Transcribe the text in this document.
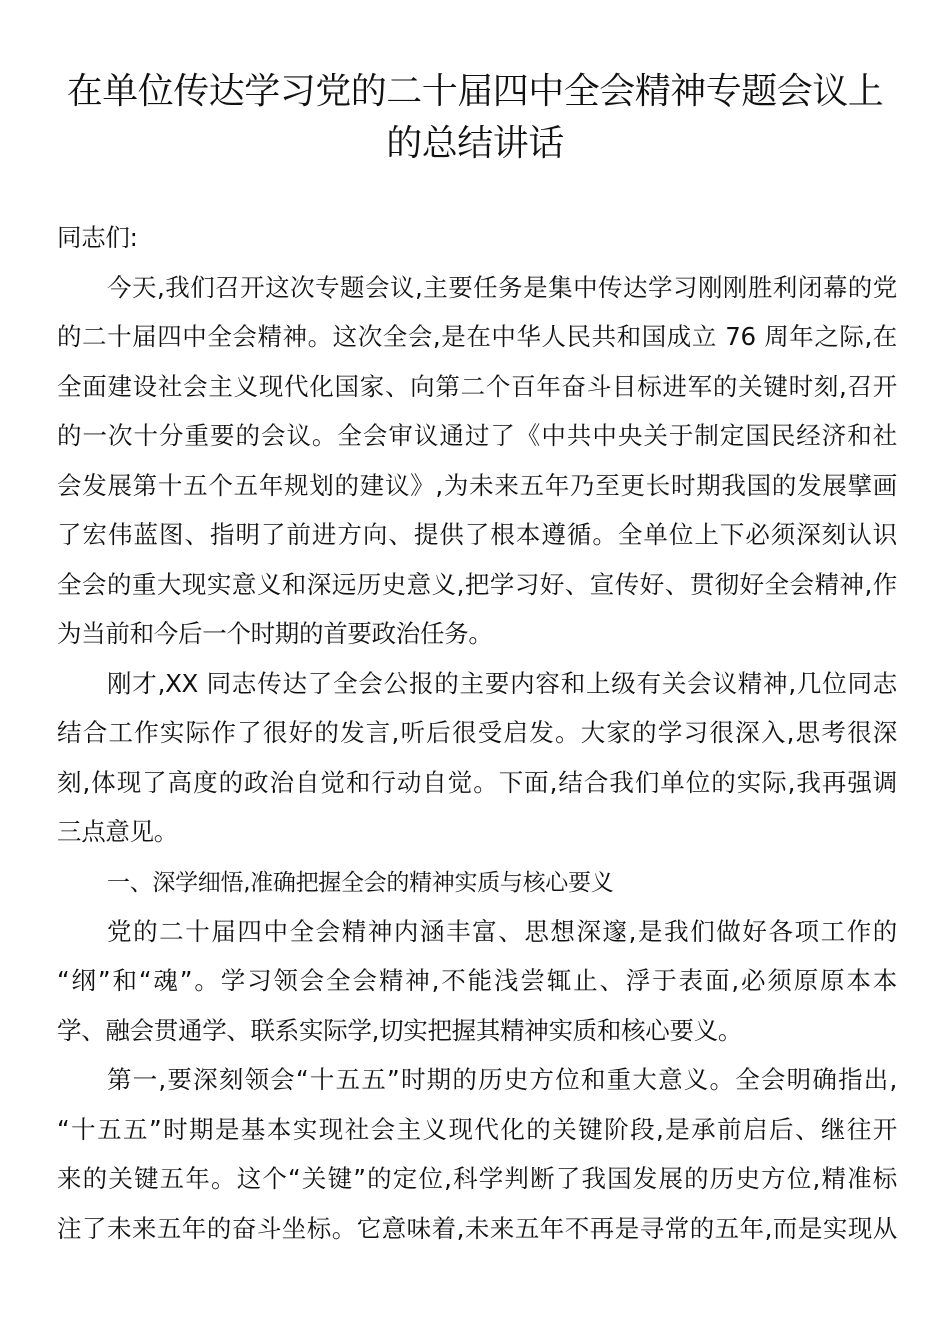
在单位传达学习党的二十届四中全会精神专题会议上
的总结讲话
同志们:
今天,我们召开这次专题会议,主要任务是集中传达学习刚刚胜利闭幕的党
的二十届四中全会精神。这次全会,是在中华人民共和国成立 76 周年之际,在
全面建设社会主义现代化国家、向第二个百年奋斗目标进军的关键时刻,召开
的一次十分重要的会议。全会审议通过了《中共中央关于制定国民经济和社
会发展第十五个五年规划的建议》,为未来五年乃至更长时期我国的发展擘画
了宏伟蓝图、指明了前进方向、提供了根本遵循。全单位上下必须深刻认识
全会的重大现实意义和深远历史意义,把学习好、宣传好、贯彻好全会精神,作
为当前和今后一个时期的首要政治任务。
刚才,XX 同志传达了全会公报的主要内容和上级有关会议精神,几位同志
结合工作实际作了很好的发言,听后很受启发。大家的学习很深入,思考很深
刻,体现了高度的政治自觉和行动自觉。下面,结合我们单位的实际,我再强调
三点意见。
一、深学细悟,准确把握全会的精神实质与核心要义
党的二十届四中全会精神内涵丰富、思想深邃,是我们做好各项工作的
“纲”和“魂”。学习领会全会精神,不能浅尝辄止、浮于表面,必须原原本本
学、融会贯通学、联系实际学,切实把握其精神实质和核心要义。
第一,要深刻领会“十五五”时期的历史方位和重大意义。全会明确指出,
“十五五”时期是基本实现社会主义现代化的关键阶段,是承前启后、继往开
来的关键五年。这个“关键”的定位,科学判断了我国发展的历史方位,精准标
注了未来五年的奋斗坐标。它意味着,未来五年不再是寻常的五年,而是实现从
